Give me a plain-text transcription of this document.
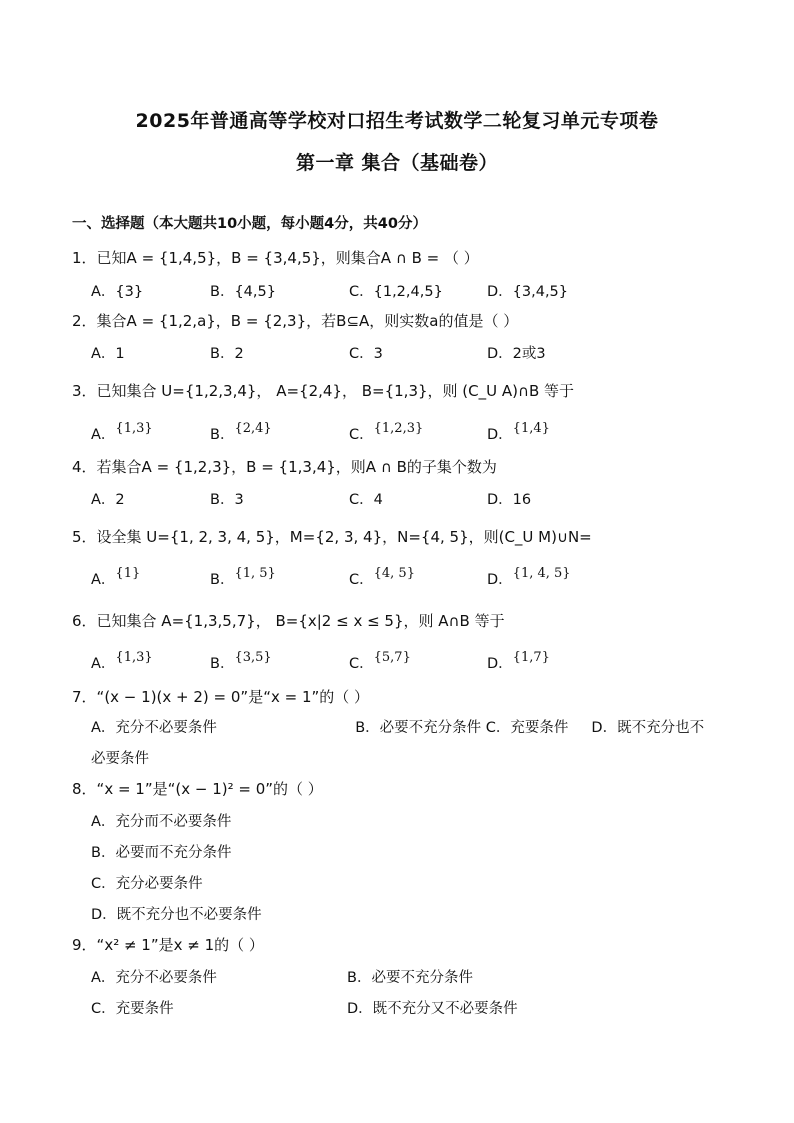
2025年普通高等学校对口招生考试数学二轮复习单元专项卷
第一章 集合（基础卷）
一、选择题（本大题共10小题，每小题4分，共40分）
1．已知A = {1,4,5}，B = {3,4,5}，则集合A ∩ B = （ ）
A．{3}	B．{4,5}	C．{1,2,4,5}	D．{3,4,5}
2．集合A = {1,2,a}，B = {2,3}，若B⊆A，则实数a的值是（ ）
A．1	B．2	C．3	D．2或3
3．已知集合 U={1,2,3,4}， A={2,4}， B={1,3}，则 (C_U A)∩B 等于
A．{1,3}	B．{2,4}	C．{1,2,3}	D．{1,4}
4．若集合A = {1,2,3}，B = {1,3,4}，则A ∩ B的子集个数为
A．2	B．3	C．4	D．16
5．设全集 U={1, 2, 3, 4, 5}，M={2, 3, 4}，N={4, 5}，则(C_U M)∪N=
A．{1}	B．{1, 5}	C．{4, 5}	D．{1, 4, 5}
6．已知集合 A={1,3,5,7}， B={x|2 ≤ x ≤ 5}，则 A∩B 等于
A．{1,3}	B．{3,5}	C．{5,7}	D．{1,7}
7．“(x − 1)(x + 2) = 0”是“x = 1”的（ ）
A．充分不必要条件                              B．必要不充分条件 C．充要条件     D．既不充分也不
必要条件
8．“x = 1”是“(x − 1)² = 0”的（ ）
A．充分而不必要条件
B．必要而不充分条件
C．充分必要条件
D．既不充分也不必要条件
9．“x² ≠ 1”是x ≠ 1的（ ）
A．充分不必要条件	B．必要不充分条件
C．充要条件	D．既不充分又不必要条件
